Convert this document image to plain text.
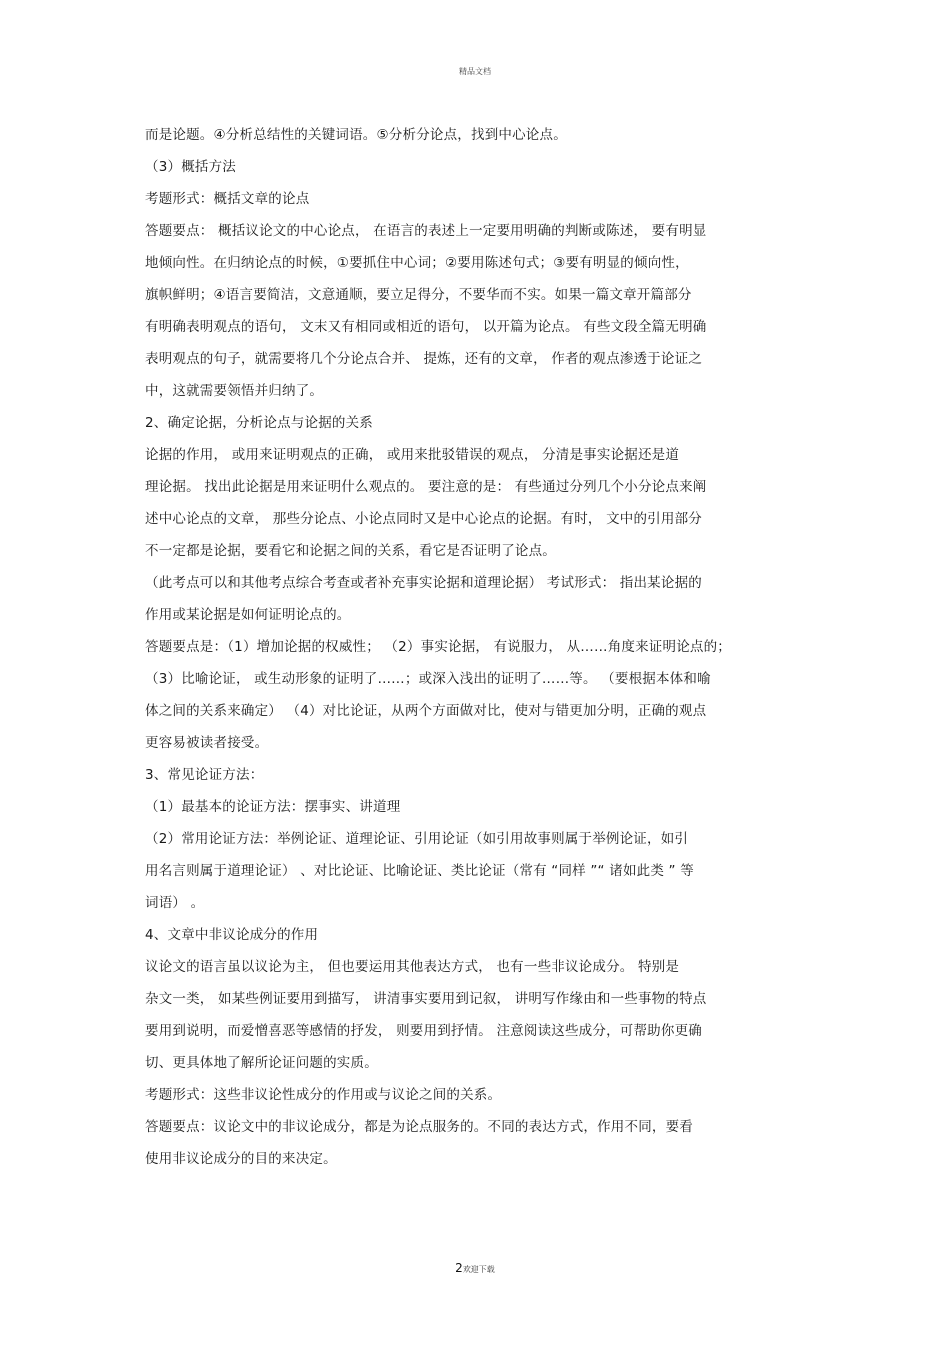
精品文档
而是论题。④分析总结性的关键词语。⑤分析分论点，找到中心论点。
（3）概括方法
考题形式：概括文章的论点
答题要点： 概括议论文的中心论点， 在语言的表述上一定要用明确的判断或陈述， 要有明显
地倾向性。在归纳论点的时候，①要抓住中心词；②要用陈述句式；③要有明显的倾向性，
旗帜鲜明；④语言要简洁，文意通顺，要立足得分，不要华而不实。如果一篇文章开篇部分
有明确表明观点的语句， 文末又有相同或相近的语句， 以开篇为论点。 有些文段全篇无明确
表明观点的句子，就需要将几个分论点合并、 提炼，还有的文章， 作者的观点渗透于论证之
中，这就需要领悟并归纳了。
2、确定论据，分析论点与论据的关系
论据的作用， 或用来证明观点的正确， 或用来批驳错误的观点， 分清是事实论据还是道
理论据。 找出此论据是用来证明什么观点的。 要注意的是： 有些通过分列几个小分论点来阐
述中心论点的文章， 那些分论点、小论点同时又是中心论点的论据。有时， 文中的引用部分
不一定都是论据，要看它和论据之间的关系，看它是否证明了论点。
（此考点可以和其他考点综合考查或者补充事实论据和道理论据） 考试形式： 指出某论据的
作用或某论据是如何证明论点的。
答题要点是：（1）增加论据的权威性； （2）事实论据， 有说服力， 从……角度来证明论点的；
（3）比喻论证， 或生动形象的证明了……；或深入浅出的证明了……等。 （要根据本体和喻
体之间的关系来确定） （4）对比论证，从两个方面做对比，使对与错更加分明，正确的观点
更容易被读者接受。
3、常见论证方法：
（1）最基本的论证方法：摆事实、讲道理
（2）常用论证方法：举例论证、道理论证、引用论证（如引用故事则属于举例论证，如引
用名言则属于道理论证） 、对比论证、比喻论证、类比论证（常有 “同样 ”“ 诸如此类 ” 等
词语） 。
4、文章中非议论成分的作用
议论文的语言虽以议论为主， 但也要运用其他表达方式， 也有一些非议论成分。 特别是
杂文一类， 如某些例证要用到描写， 讲清事实要用到记叙， 讲明写作缘由和一些事物的特点
要用到说明，而爱憎喜恶等感情的抒发， 则要用到抒情。 注意阅读这些成分，可帮助你更确
切、更具体地了解所论证问题的实质。
考题形式：这些非议论性成分的作用或与议论之间的关系。
答题要点：议论文中的非议论成分，都是为论点服务的。不同的表达方式，作用不同，要看
使用非议论成分的目的来决定。
2欢迎下载
